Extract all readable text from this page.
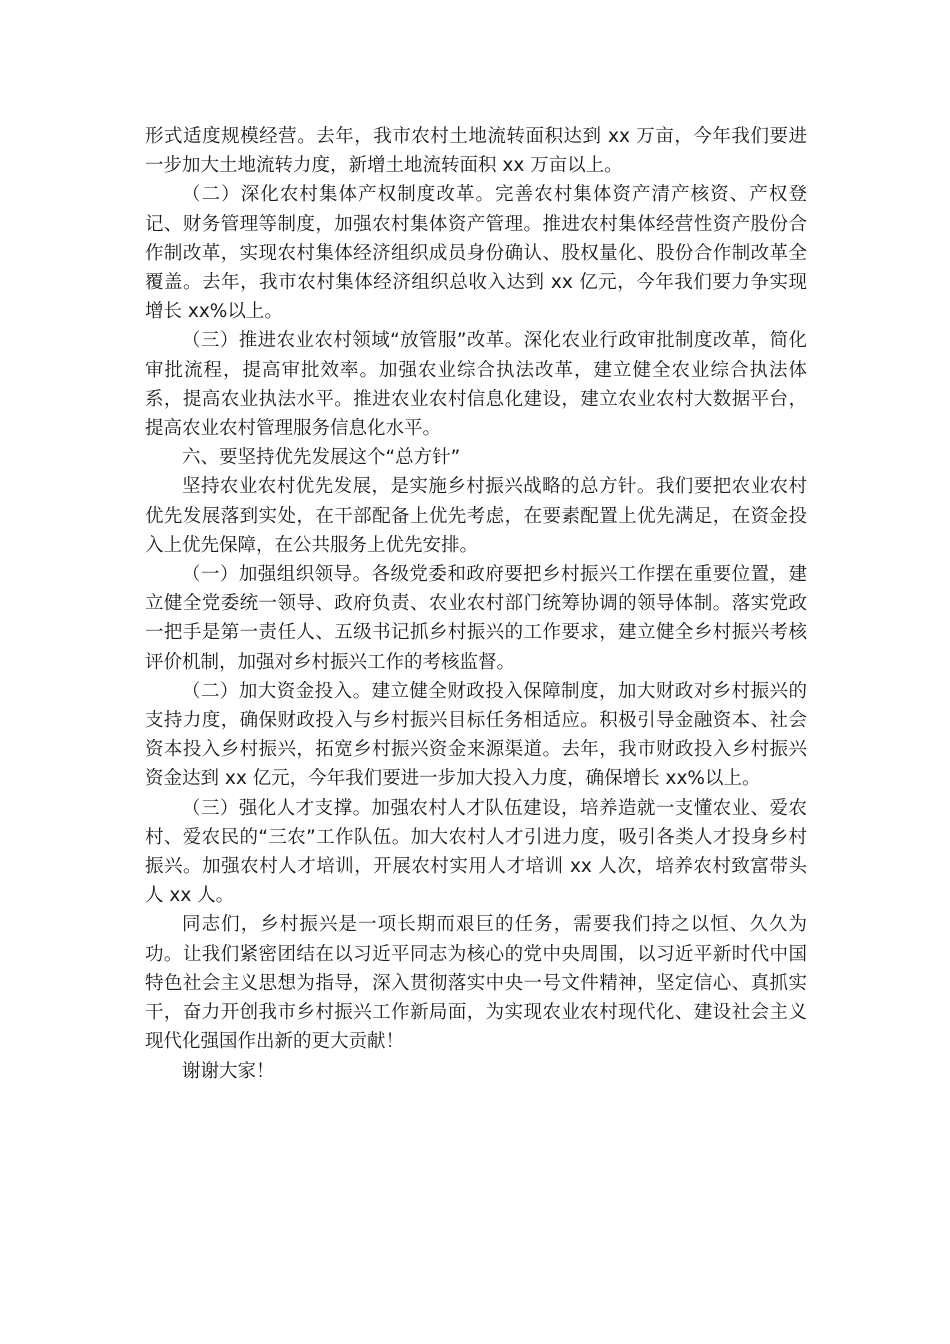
形式适度规模经营。去年，我市农村土地流转面积达到 xx 万亩，今年我们要进一步加大土地流转力度，新增土地流转面积 xx 万亩以上。

（二）深化农村集体产权制度改革。完善农村集体资产清产核资、产权登记、财务管理等制度，加强农村集体资产管理。推进农村集体经营性资产股份合作制改革，实现农村集体经济组织成员身份确认、股权量化、股份合作制改革全覆盖。去年，我市农村集体经济组织总收入达到 xx 亿元，今年我们要力争实现增长 xx%以上。

（三）推进农业农村领域“放管服”改革。深化农业行政审批制度改革，简化审批流程，提高审批效率。加强农业综合执法改革，建立健全农业综合执法体系，提高农业执法水平。推进农业农村信息化建设，建立农业农村大数据平台，提高农业农村管理服务信息化水平。

六、要坚持优先发展这个“总方针”

坚持农业农村优先发展，是实施乡村振兴战略的总方针。我们要把农业农村优先发展落到实处，在干部配备上优先考虑，在要素配置上优先满足，在资金投入上优先保障，在公共服务上优先安排。

（一）加强组织领导。各级党委和政府要把乡村振兴工作摆在重要位置，建立健全党委统一领导、政府负责、农业农村部门统筹协调的领导体制。落实党政一把手是第一责任人、五级书记抓乡村振兴的工作要求，建立健全乡村振兴考核评价机制，加强对乡村振兴工作的考核监督。

（二）加大资金投入。建立健全财政投入保障制度，加大财政对乡村振兴的支持力度，确保财政投入与乡村振兴目标任务相适应。积极引导金融资本、社会资本投入乡村振兴，拓宽乡村振兴资金来源渠道。去年，我市财政投入乡村振兴资金达到 xx 亿元，今年我们要进一步加大投入力度，确保增长 xx%以上。

（三）强化人才支撑。加强农村人才队伍建设，培养造就一支懂农业、爱农村、爱农民的“三农”工作队伍。加大农村人才引进力度，吸引各类人才投身乡村振兴。加强农村人才培训，开展农村实用人才培训 xx 人次，培养农村致富带头人 xx 人。

同志们，乡村振兴是一项长期而艰巨的任务，需要我们持之以恒、久久为功。让我们紧密团结在以习近平同志为核心的党中央周围，以习近平新时代中国特色社会主义思想为指导，深入贯彻落实中央一号文件精神，坚定信心、真抓实干，奋力开创我市乡村振兴工作新局面，为实现农业农村现代化、建设社会主义现代化强国作出新的更大贡献！

谢谢大家！
